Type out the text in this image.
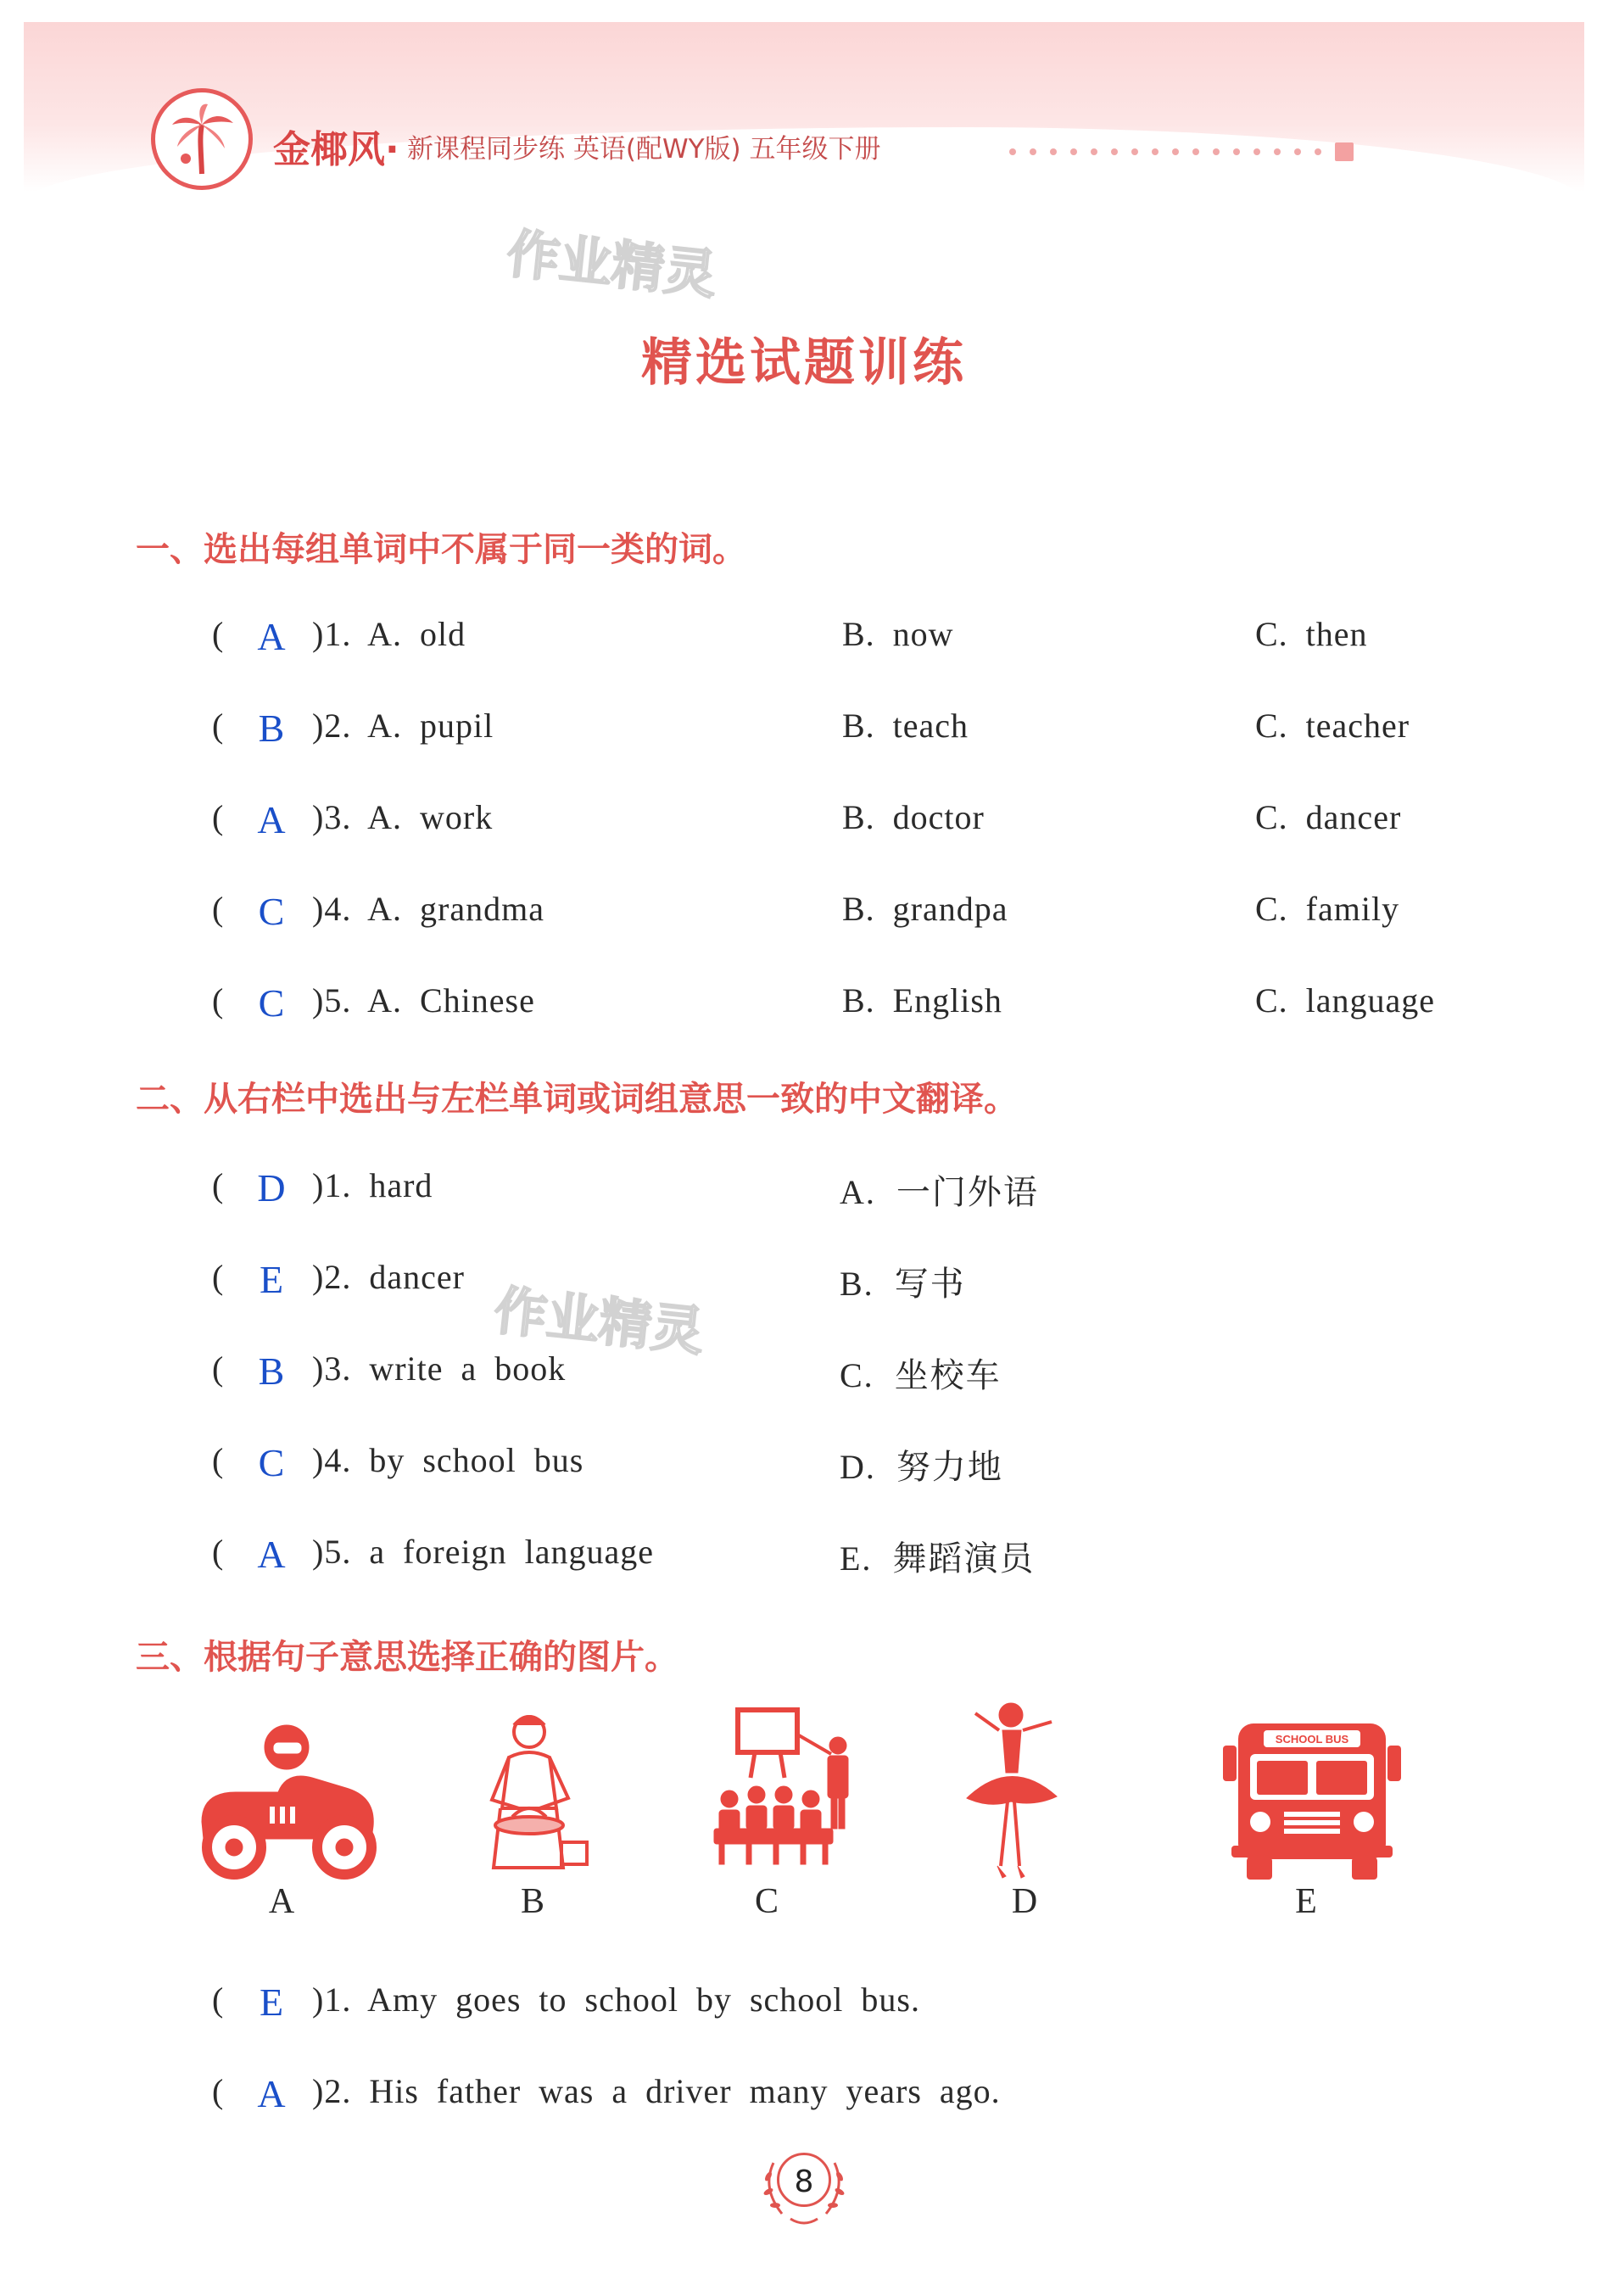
金椰风· 新课程同步练 英语(配WY版) 五年级下册
作业精灵
精选试题训练
一、选出每组单词中不属于同一类的词。
( A )1. A. old	B. now	C. then
( B )2. A. pupil	B. teach	C. teacher
( A )3. A. work	B. doctor	C. dancer
( C )4. A. grandma	B. grandpa	C. family
( C )5. A. Chinese	B. English	C. language
二、从右栏中选出与左栏单词或词组意思一致的中文翻译。
( D )1. hard	A. 一门外语
( E )2. dancer	B. 写书
作业精灵
( B )3. write a book	C. 坐校车
( C )4. by school bus	D. 努力地
( A )5. a foreign language	E. 舞蹈演员
三、根据句子意思选择正确的图片。
SCHOOL BUS
A	B	C	D	E
( E )1. Amy goes to school by school bus.
( A )2. His father was a driver many years ago.
8
